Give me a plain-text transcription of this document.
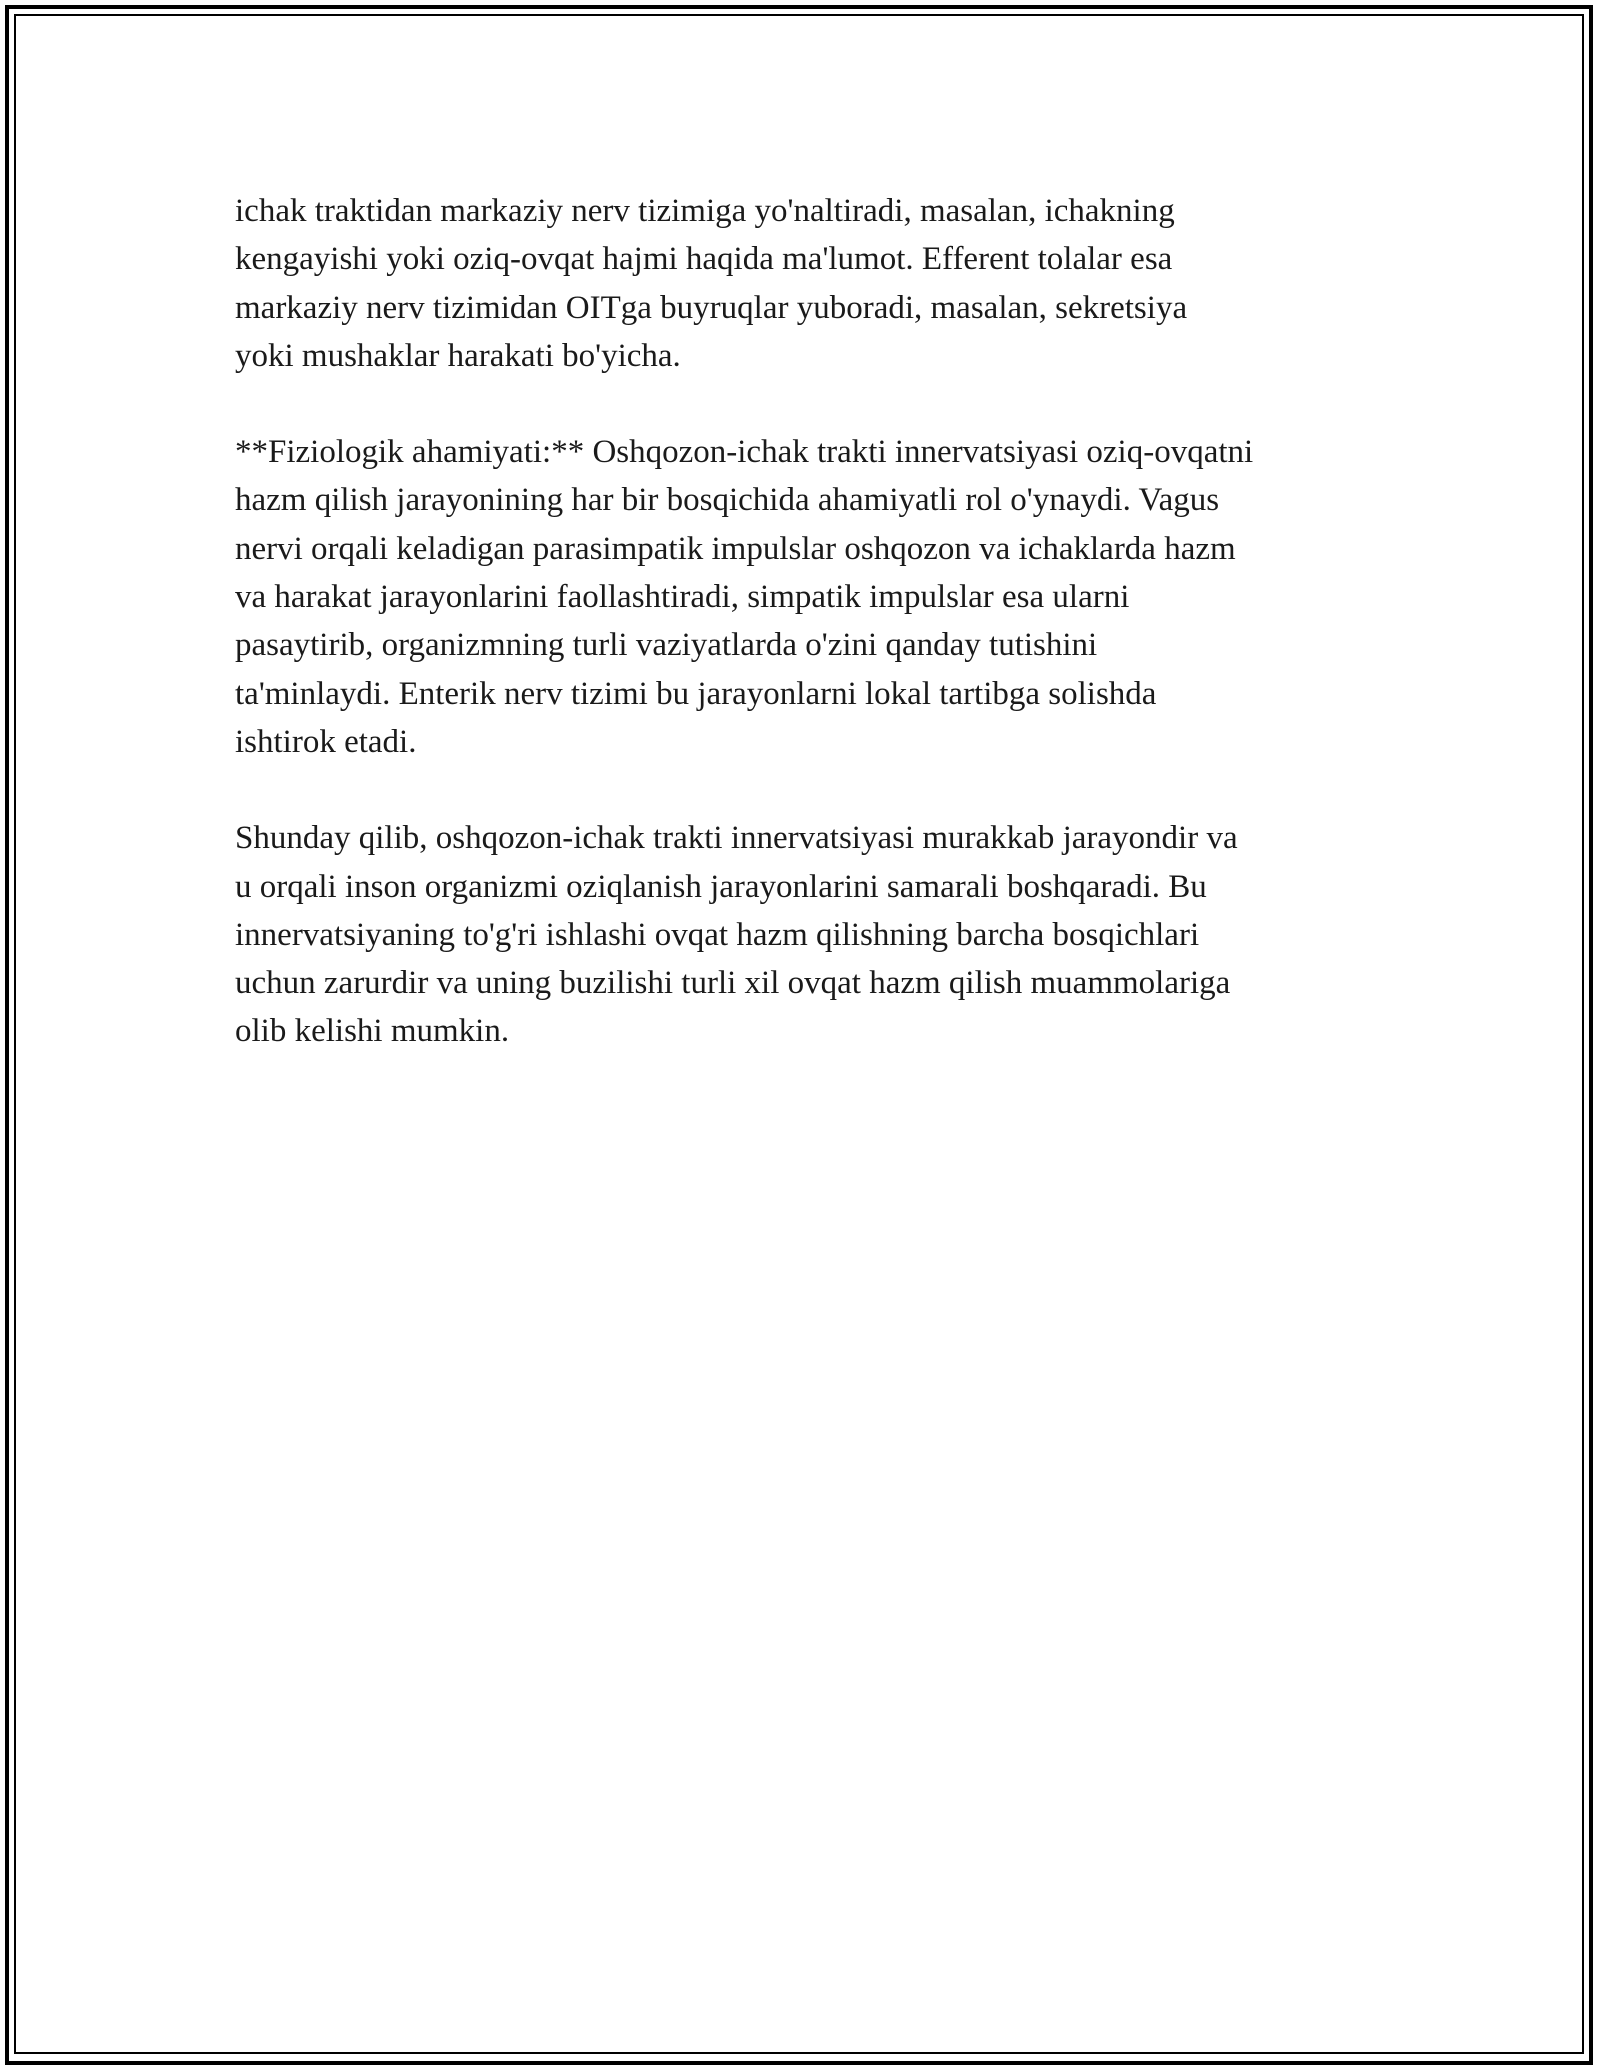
ichak traktidan markaziy nerv tizimiga yo'naltiradi, masalan, ichakning
kengayishi yoki oziq-ovqat hajmi haqida ma'lumot. Efferent tolalar esa
markaziy nerv tizimidan OITga buyruqlar yuboradi, masalan, sekretsiya
yoki mushaklar harakati bo'yicha.
**Fiziologik ahamiyati:** Oshqozon-ichak trakti innervatsiyasi oziq-ovqatni
hazm qilish jarayonining har bir bosqichida ahamiyatli rol o'ynaydi. Vagus
nervi orqali keladigan parasimpatik impulslar oshqozon va ichaklarda hazm
va harakat jarayonlarini faollashtiradi, simpatik impulslar esa ularni
pasaytirib, organizmning turli vaziyatlarda o'zini qanday tutishini
ta'minlaydi. Enterik nerv tizimi bu jarayonlarni lokal tartibga solishda
ishtirok etadi.
Shunday qilib, oshqozon-ichak trakti innervatsiyasi murakkab jarayondir va
u orqali inson organizmi oziqlanish jarayonlarini samarali boshqaradi. Bu
innervatsiyaning to'g'ri ishlashi ovqat hazm qilishning barcha bosqichlari
uchun zarurdir va uning buzilishi turli xil ovqat hazm qilish muammolariga
olib kelishi mumkin.
